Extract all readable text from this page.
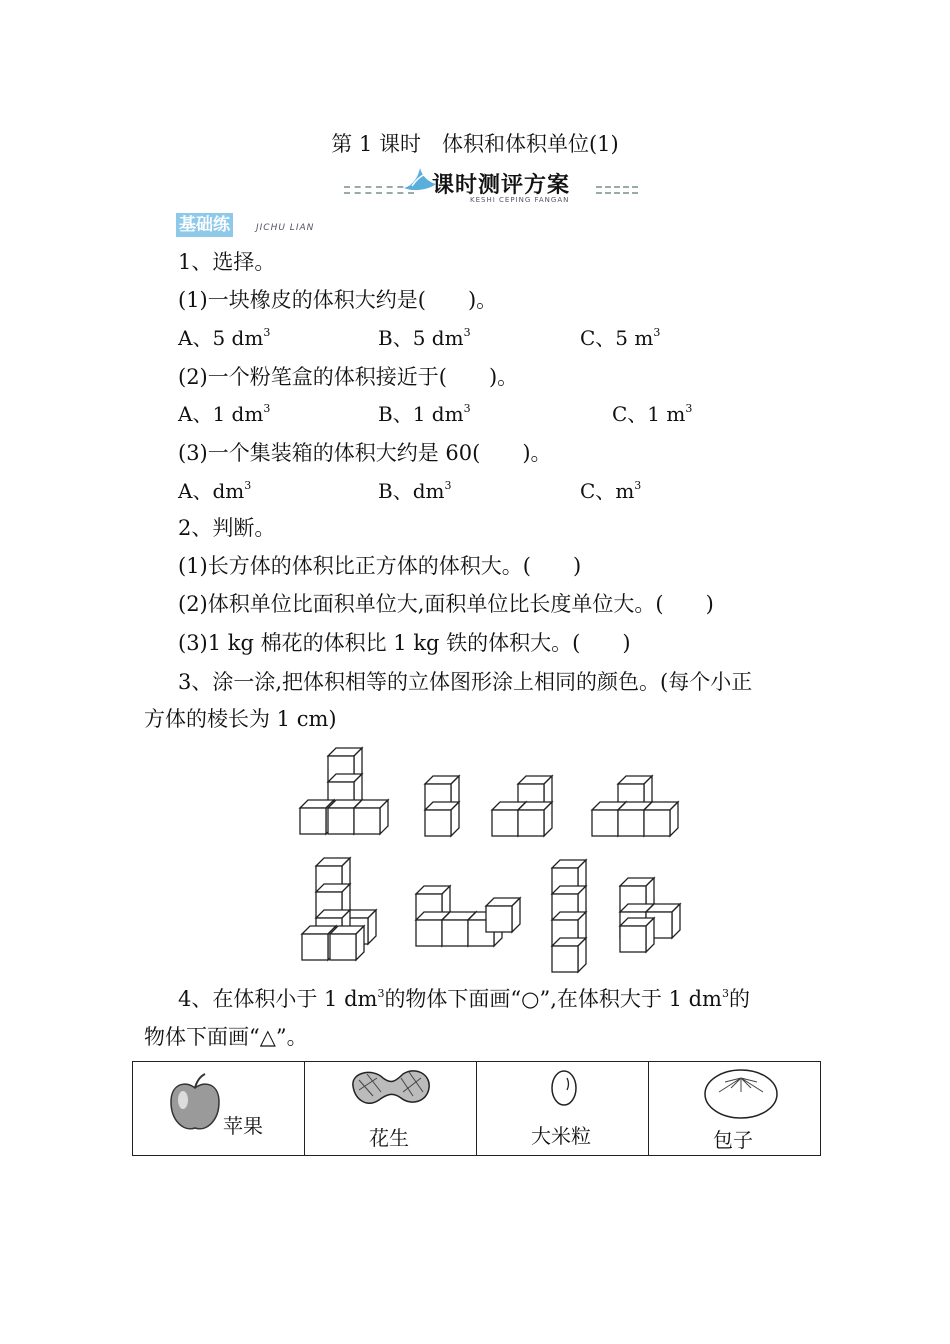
第 1 课时　体积和体积单位(1)
课时测评方案
KESHI CEPING FANGAN
基础练	JICHU LIAN
1、选择。
(1)一块橡皮的体积大约是(　　)。
A、5 $dm^3$	B、5 $dm^3$	C、5 $m^3$
(2)一个粉笔盒的体积接近于(　　)。
A、1 $dm^3$	B、1 $dm^3$	C、1 $m^3$
(3)一个集装箱的体积大约是 60(　　)。
A、$dm^3$	B、$dm^3$	C、$m^3$
2、判断。
(1)长方体的体积比正方体的体积大。(　　)
(2)体积单位比面积单位大,面积单位比长度单位大。(　　)
(3)1 kg 棉花的体积比 1 kg 铁的体积大。(　　)
3、涂一涂,把体积相等的立体图形涂上相同的颜色。(每个小正
方体的棱长为 1 cm)
4、在体积小于 1 $dm^3$的物体下面画“○”,在体积大于 1 $dm^3$的
物体下面画“△”。
苹果	花生	大米粒	包子
